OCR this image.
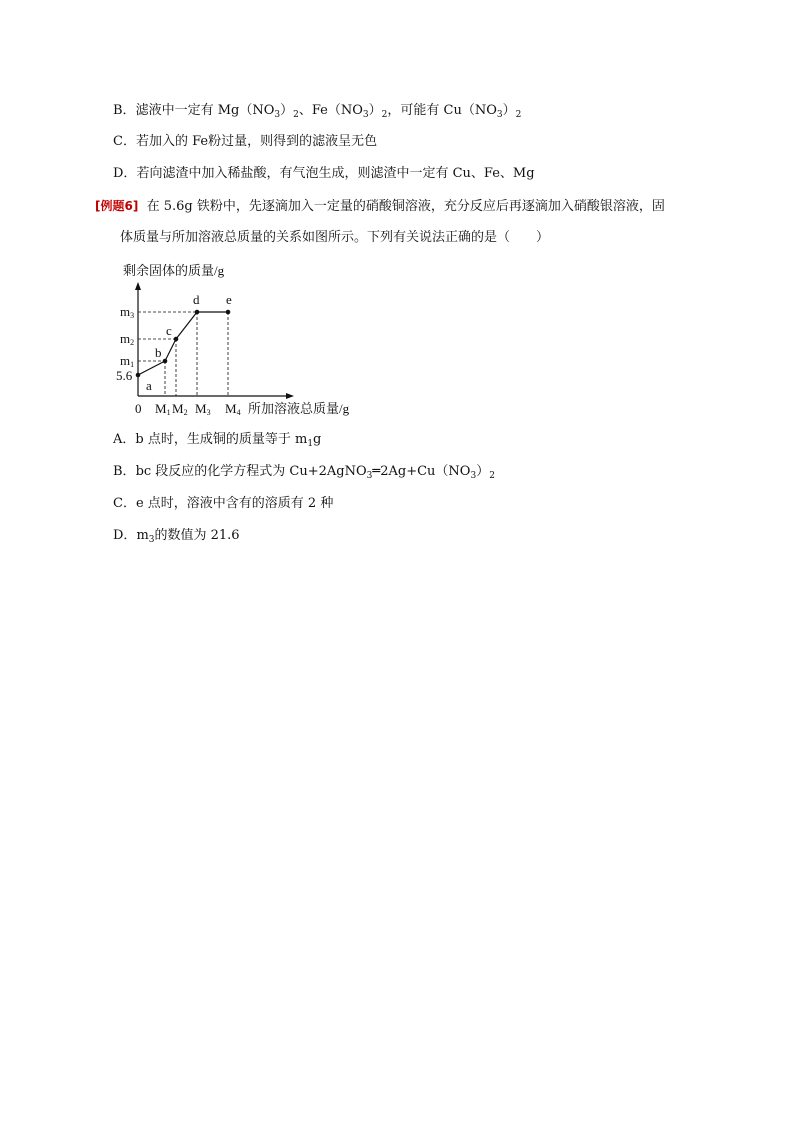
B．滤液中一定有 $Mg(NO_3)_2$、$Fe(NO_3)_2$，可能有 $Cu(NO_3)_2$
C．若加入的 Fe粉过量，则得到的滤液呈无色
D．若向滤渣中加入稀盐酸，有气泡生成，则滤渣中一定有 Cu、Fe、Mg
[例题6] 在 5.6g 铁粉中，先逐滴加入一定量的硝酸铜溶液，充分反应后再逐滴加入硝酸银溶液，固
体质量与所加溶液总质量的关系如图所示。下列有关说法正确的是（　　）
剩余固体的质量/g
a
b
c
d e
5.6
m1
m2
m3
0 M1 M2 M3 M4 所加溶液总质量/g
A．b 点时，生成铜的质量等于 $m_1g$
B．bc 段反应的化学方程式为 $Cu+2AgNO_3═2Ag+Cu(NO_3)_2$
C．e 点时，溶液中含有的溶质有 2 种
D．$m_3$的数值为 21.6
